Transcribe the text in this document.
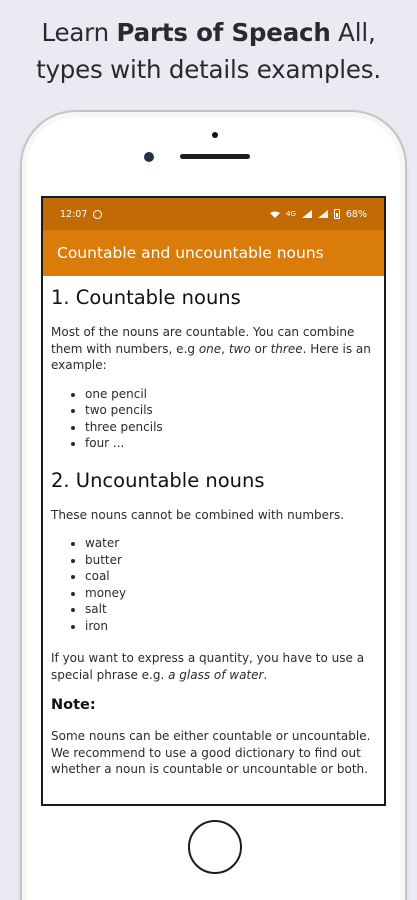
Learn Parts of Speach All,
types with details examples.
12:07	4G	68%
Countable and uncountable nouns
1. Countable nouns

Most of the nouns are countable. You can combine them with numbers, e.g one, two or three. Here is an example:

• one pencil
• two pencils
• three pencils
• four ...
2. Uncountable nouns

These nouns cannot be combined with numbers.

• water
• butter
• coal
• money
• salt
• iron

If you want to express a quantity, you have to use a special phrase e.g. a glass of water.

Note:

Some nouns can be either countable or uncountable. We recommend to use a good dictionary to find out whether a noun is countable or uncountable or both.
